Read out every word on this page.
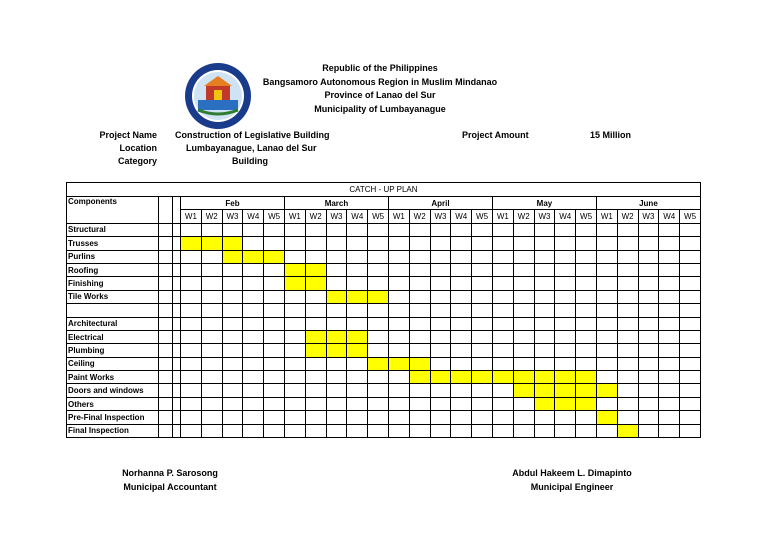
Republic of the Philippines
Bangsamoro Autonomous Region in Muslim Mindanao
Province of Lanao del Sur
Municipality of Lumbayanague
Project Name Construction of Legislative Building
Location	Lumbayanague, Lanao del Sur
Category	Building
Project Amount	15 Million
CATCH - UP PLAN																											
Components			Feb					March					April					May					June				
			W1	W2	W3	W4	W5	W1	W2	W3	W4	W5	W1	W2	W3	W4	W5	W1	W2	W3	W4	W5	W1	W2	W3	W4	W5
Structural																											
Trusses																											
Purlins																											
Roofing																											
Finishing																											
Tile Works																											

Architectural																											
Electrical																											
Plumbing																											
Ceiling																											
Paint Works																											
Doors and windows																											
Others																											
Pre-Final Inspection																											
Final Inspection																											
Norhanna P. Sarosong
Municipal Accountant
Abdul Hakeem L. Dimapinto
Municipal Engineer
